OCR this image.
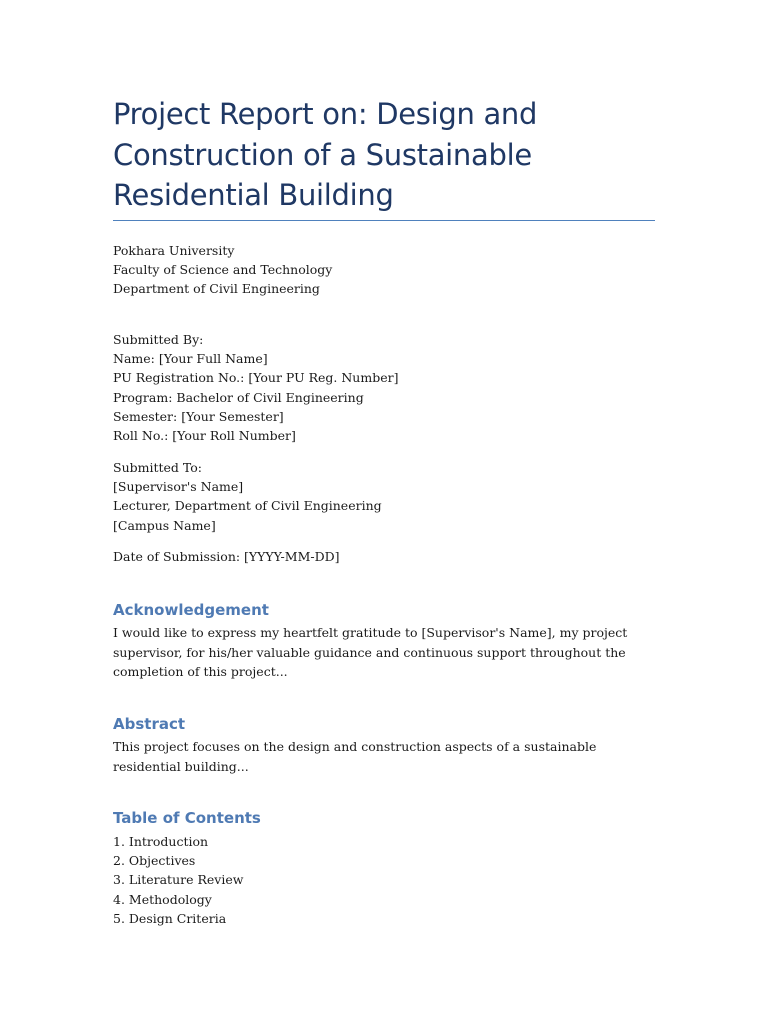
Project Report on: Design and
Construction of a Sustainable
Residential Building
Pokhara University
Faculty of Science and Technology
Department of Civil Engineering
Submitted By:
Name: [Your Full Name]
PU Registration No.: [Your PU Reg. Number]
Program: Bachelor of Civil Engineering
Semester: [Your Semester]
Roll No.: [Your Roll Number]
Submitted To:
[Supervisor's Name]
Lecturer, Department of Civil Engineering
[Campus Name]
Date of Submission: [YYYY-MM-DD]
Acknowledgement

I would like to express my heartfelt gratitude to [Supervisor's Name], my project supervisor, for his/her valuable guidance and continuous support throughout the completion of this project...

Abstract

This project focuses on the design and construction aspects of a sustainable residential building...

Table of Contents
1. Introduction
2. Objectives
3. Literature Review
4. Methodology
5. Design Criteria
